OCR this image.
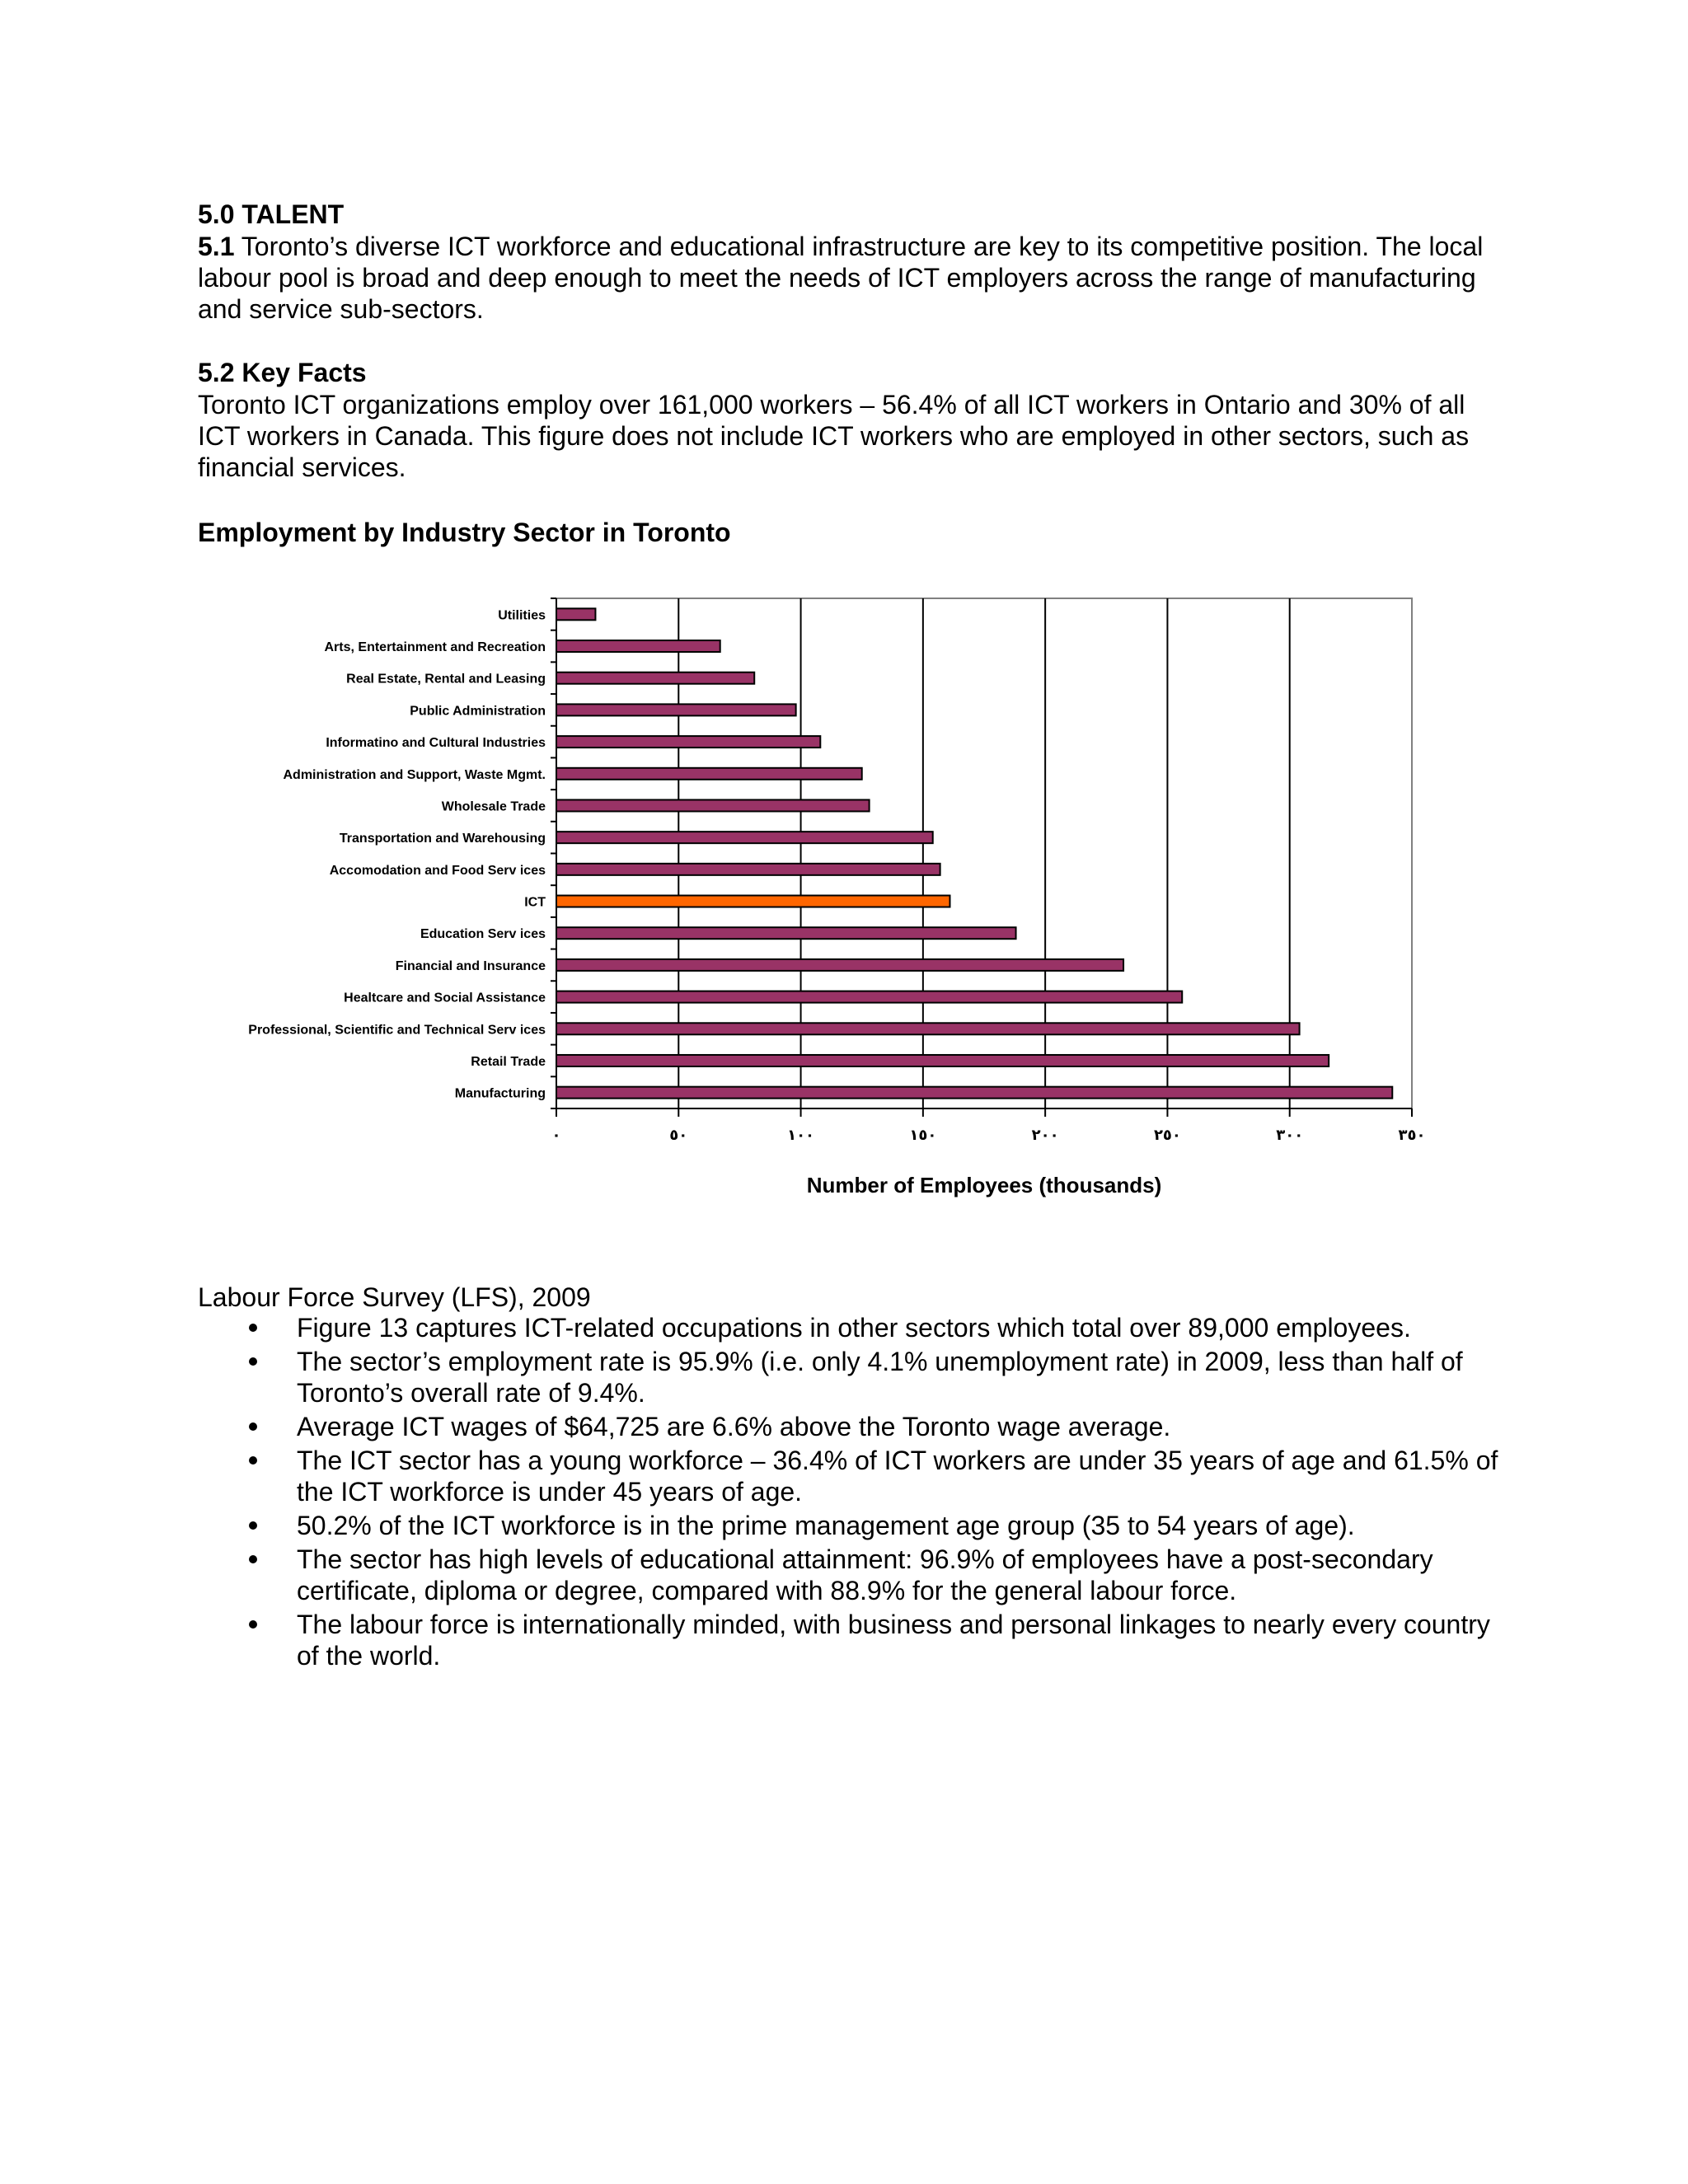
5.0 TALENT

5.1 Toronto’s diverse ICT workforce and educational infrastructure are key to its competitive position. The local labour pool is broad and deep enough to meet the needs of ICT employers across the range of manufacturing and service sub-sectors.

5.2 Key Facts

Toronto ICT organizations employ over 161,000 workers – 56.4% of all ICT workers in Ontario and 30% of all ICT workers in Canada. This figure does not include ICT workers who are employed in other sectors, such as financial services.

Employment by Industry Sector in Toronto

Utilities
Arts, Entertainment and Recreation
Real Estate, Rental and Leasing
Public Administration
Informatino and Cultural Industries
Administration and Support, Waste Mgmt.
Wholesale Trade
Transportation and Warehousing
Accomodation and Food Serv ices
ICT
Education Serv ices
Financial and Insurance
Healtcare and Social Assistance
Professional, Scientific and Technical Serv ices
Retail Trade
Manufacturing
٠	٥٠	١٠٠	١٥٠	٢٠٠	٢٥٠	٣٠٠	٣٥٠
Number of Employees (thousands)

Labour Force Survey (LFS), 2009

Figure 13 captures ICT-related occupations in other sectors which total over 89,000 employees.
The sector’s employment rate is 95.9% (i.e. only 4.1% unemployment rate) in 2009, less than half of Toronto’s overall rate of 9.4%.
Average ICT wages of $64,725 are 6.6% above the Toronto wage average.
The ICT sector has a young workforce – 36.4% of ICT workers are under 35 years of age and 61.5% of the ICT workforce is under 45 years of age.
50.2% of the ICT workforce is in the prime management age group (35 to 54 years of age).
The sector has high levels of educational attainment: 96.9% of employees have a post-secondary certificate, diploma or degree, compared with 88.9% for the general labour force.
The labour force is internationally minded, with business and personal linkages to nearly every country of the world.
